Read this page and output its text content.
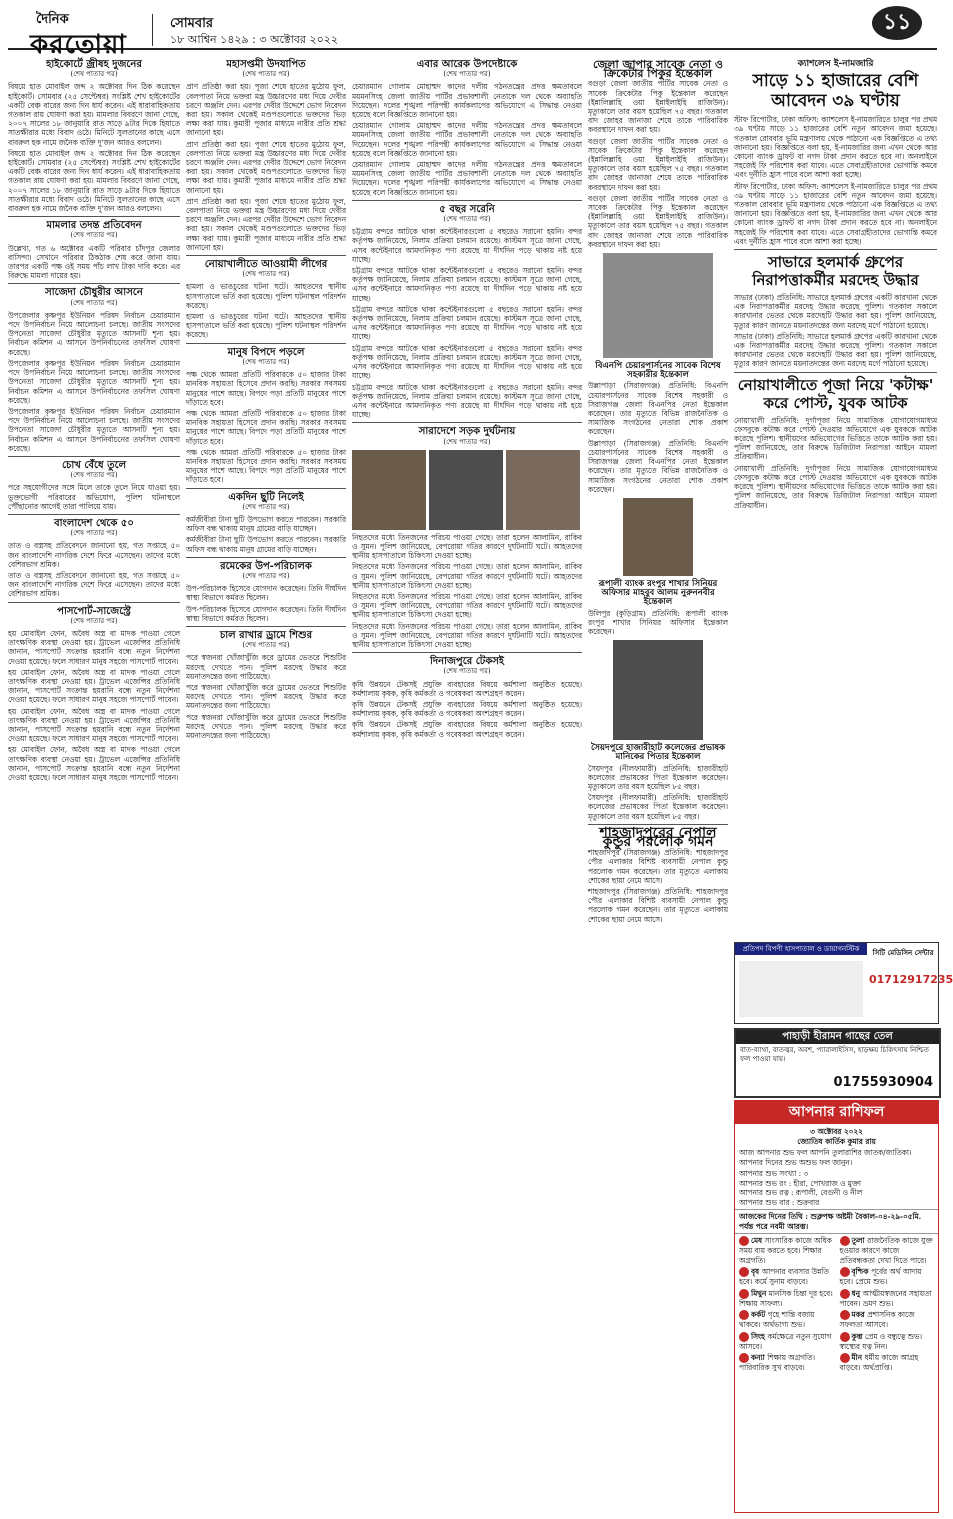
দৈনিক
করতোয়া
সোমবার
১৮ আশ্বিন ১৪২৯ : ৩ অক্টোবর ২০২২
১১
হাইকোর্টে জ্রীষহ দুজনের
(শেষ পাতার পর)

বিষয়ে হাত মোবাইল জব্দ ২ অক্টোবর দিন ঠিক করেছেন হাইকোর্ট। সোমবার (২৫ সেপ্টেম্বর) সংশ্লিষ্ট শেখ হাইকোর্টের একটি বেঞ্চ বারের জন্য দিন ধার্য করেন। এই ধারাবাহিকতায় গতকাল রায় ঘোষণা করা হয়। মামলার বিবরণে জানা গেছে, ২০০৭ সালের ১৮ জানুয়ারি রাত সাড়ে ৯টার দিকে হিযাতে সাতক্ষীরার মধ্যে বিবাদ ওঠে। মিনিটে সুলতানের কাছে এসে বাবরুল হক নামে জনৈক ব্যক্তি দু'জন আরও বললেন।

বিষয়ে হাত মোবাইল জব্দ ২ অক্টোবর দিন ঠিক করেছেন হাইকোর্ট। সোমবার (২৫ সেপ্টেম্বর) সংশ্লিষ্ট শেখ হাইকোর্টের একটি বেঞ্চ বারের জন্য দিন ধার্য করেন। এই ধারাবাহিকতায় গতকাল রায় ঘোষণা করা হয়। মামলার বিবরণে জানা গেছে, ২০০৭ সালের ১৮ জানুয়ারি রাত সাড়ে ৯টার দিকে হিযাতে সাতক্ষীরার মধ্যে বিবাদ ওঠে। মিনিটে সুলতানের কাছে এসে বাবরুল হক নামে জনৈক ব্যক্তি দু'জন আরও বললেন।

মামলার তদন্ত প্রতিবেদন
(শেষ পাতার পর)

উল্লেখ্য, গত ৬ অক্টোবর একটি পরিবার চাঁদপুর জেলার বাসিন্দা। সেখানে পরিবার ঠিকঠাক শেষ করে জানা যায়। তারপর একটি পক্ষ ওই সময় পাঁচ লাখ টাকা দাবি করে। এর বিরুদ্ধে মামলা দায়ের হয়।

সাজেদা চৌধুরীর আসনে
(শেষ পাতার পর)

উপজেলার কৃষ্ণপুর ইউনিয়ন পরিষদ নির্বাচন চেয়ারম্যান পদে উপনির্বাচন নিয়ে আলোচনা চলছে। জাতীয় সংসদের উপনেতা সাজেদা চৌধুরীর মৃত্যুতে আসনটি শূন্য হয়। নির্বাচন কমিশন এ আসনে উপনির্বাচনের তফসিল ঘোষণা করেছে।

উপজেলার কৃষ্ণপুর ইউনিয়ন পরিষদ নির্বাচন চেয়ারম্যান পদে উপনির্বাচন নিয়ে আলোচনা চলছে। জাতীয় সংসদের উপনেতা সাজেদা চৌধুরীর মৃত্যুতে আসনটি শূন্য হয়। নির্বাচন কমিশন এ আসনে উপনির্বাচনের তফসিল ঘোষণা করেছে।

উপজেলার কৃষ্ণপুর ইউনিয়ন পরিষদ নির্বাচন চেয়ারম্যান পদে উপনির্বাচন নিয়ে আলোচনা চলছে। জাতীয় সংসদের উপনেতা সাজেদা চৌধুরীর মৃত্যুতে আসনটি শূন্য হয়। নির্বাচন কমিশন এ আসনে উপনির্বাচনের তফসিল ঘোষণা করেছে।

চোখ বেঁধে তুলে
(শেষ পাতার পর)

পরে সহযোগীদের সঙ্গে মিলে তাকে তুলে নিয়ে যাওয়া হয়। ভুক্তভোগী পরিবারের অভিযোগ, পুলিশ ঘটনাস্থলে পৌঁছানোর আগেই তারা পালিয়ে যায়।

বাংলাদেশ থেকে ৫০
(শেষ পাতার পর)

তাত ও বস্ত্রসহ প্রতিবেদনে জানানো হয়, গত সপ্তাহে ৫০ জন বাংলাদেশি নাগরিক দেশে ফিরে এসেছেন। তাদের মধ্যে বেশিরভাগ শ্রমিক।

তাত ও বস্ত্রসহ প্রতিবেদনে জানানো হয়, গত সপ্তাহে ৫০ জন বাংলাদেশি নাগরিক দেশে ফিরে এসেছেন। তাদের মধ্যে বেশিরভাগ শ্রমিক।

পাসপোর্ট-সাজেস্ট্রে
(শেষ পাতার পর)

হয় মোবাইল ফোন, অবৈধ অস্ত্র বা মাদক পাওয়া গেলে তাৎক্ষণিক ব্যবস্থা নেওয়া হয়। ট্রাভেল এজেন্সির প্রতিনিধি জানান, পাসপোর্ট সংক্রান্ত হয়রানি বন্ধে নতুন নির্দেশনা দেওয়া হয়েছে। ফলে সাধারণ মানুষ সহজে পাসপোর্ট পাবেন।

হয় মোবাইল ফোন, অবৈধ অস্ত্র বা মাদক পাওয়া গেলে তাৎক্ষণিক ব্যবস্থা নেওয়া হয়। ট্রাভেল এজেন্সির প্রতিনিধি জানান, পাসপোর্ট সংক্রান্ত হয়রানি বন্ধে নতুন নির্দেশনা দেওয়া হয়েছে। ফলে সাধারণ মানুষ সহজে পাসপোর্ট পাবেন।

হয় মোবাইল ফোন, অবৈধ অস্ত্র বা মাদক পাওয়া গেলে তাৎক্ষণিক ব্যবস্থা নেওয়া হয়। ট্রাভেল এজেন্সির প্রতিনিধি জানান, পাসপোর্ট সংক্রান্ত হয়রানি বন্ধে নতুন নির্দেশনা দেওয়া হয়েছে। ফলে সাধারণ মানুষ সহজে পাসপোর্ট পাবেন।

হয় মোবাইল ফোন, অবৈধ অস্ত্র বা মাদক পাওয়া গেলে তাৎক্ষণিক ব্যবস্থা নেওয়া হয়। ট্রাভেল এজেন্সির প্রতিনিধি জানান, পাসপোর্ট সংক্রান্ত হয়রানি বন্ধে নতুন নির্দেশনা দেওয়া হয়েছে। ফলে সাধারণ মানুষ সহজে পাসপোর্ট পাবেন।

মহাসপ্তমী উদযাপিত
(শেষ পাতার পর)

প্রাণ প্রতিষ্ঠা করা হয়। পূজা শেষে হাতের মুঠোয় ফুল, বেলপাতা নিয়ে ভক্তরা মন্ত্র উচ্চারণের মধ্য দিয়ে দেবীর চরণে অঞ্জলি দেন। এরপর দেবীর উদ্দেশে ভোগ নিবেদন করা হয়। সকাল থেকেই মণ্ডপগুলোতে ভক্তদের ভিড় লক্ষ্য করা যায়। কুমারী পূজার মাধ্যমে নারীর প্রতি শ্রদ্ধা জানানো হয়।

প্রাণ প্রতিষ্ঠা করা হয়। পূজা শেষে হাতের মুঠোয় ফুল, বেলপাতা নিয়ে ভক্তরা মন্ত্র উচ্চারণের মধ্য দিয়ে দেবীর চরণে অঞ্জলি দেন। এরপর দেবীর উদ্দেশে ভোগ নিবেদন করা হয়। সকাল থেকেই মণ্ডপগুলোতে ভক্তদের ভিড় লক্ষ্য করা যায়। কুমারী পূজার মাধ্যমে নারীর প্রতি শ্রদ্ধা জানানো হয়।

প্রাণ প্রতিষ্ঠা করা হয়। পূজা শেষে হাতের মুঠোয় ফুল, বেলপাতা নিয়ে ভক্তরা মন্ত্র উচ্চারণের মধ্য দিয়ে দেবীর চরণে অঞ্জলি দেন। এরপর দেবীর উদ্দেশে ভোগ নিবেদন করা হয়। সকাল থেকেই মণ্ডপগুলোতে ভক্তদের ভিড় লক্ষ্য করা যায়। কুমারী পূজার মাধ্যমে নারীর প্রতি শ্রদ্ধা জানানো হয়।

নোয়াখালীতে আওয়ামী লীগের
(শেষ পাতার পর)

হামলা ও ভাঙচুরের ঘটনা ঘটে। আহতদের স্থানীয় হাসপাতালে ভর্তি করা হয়েছে। পুলিশ ঘটনাস্থল পরিদর্শন করেছে।

হামলা ও ভাঙচুরের ঘটনা ঘটে। আহতদের স্থানীয় হাসপাতালে ভর্তি করা হয়েছে। পুলিশ ঘটনাস্থল পরিদর্শন করেছে।

মানুষ বিপদে পড়লে
(শেষ পাতার পর)

পক্ষ থেকে আমরা প্রতিটি পরিবারকে ৫০ হাজার টাকা মানবিক সহায়তা হিসেবে প্রদান করছি। সরকার সবসময় মানুষের পাশে আছে। বিপদে পড়া প্রতিটি মানুষের পাশে দাঁড়াতে হবে।

পক্ষ থেকে আমরা প্রতিটি পরিবারকে ৫০ হাজার টাকা মানবিক সহায়তা হিসেবে প্রদান করছি। সরকার সবসময় মানুষের পাশে আছে। বিপদে পড়া প্রতিটি মানুষের পাশে দাঁড়াতে হবে।

পক্ষ থেকে আমরা প্রতিটি পরিবারকে ৫০ হাজার টাকা মানবিক সহায়তা হিসেবে প্রদান করছি। সরকার সবসময় মানুষের পাশে আছে। বিপদে পড়া প্রতিটি মানুষের পাশে দাঁড়াতে হবে।

একদিন ছুটি নিলেই
(শেষ পাতার পর)

কর্মজীবীরা টানা ছুটি উপভোগ করতে পারবেন। সরকারি অফিস বন্ধ থাকায় মানুষ গ্রামের বাড়ি যাচ্ছেন।

কর্মজীবীরা টানা ছুটি উপভোগ করতে পারবেন। সরকারি অফিস বন্ধ থাকায় মানুষ গ্রামের বাড়ি যাচ্ছেন।

রমেকের উপ-পরিচালক
(শেষ পাতার পর)

উপ-পরিচালক হিসেবে যোগদান করেছেন। তিনি দীর্ঘদিন স্বাস্থ্য বিভাগে কর্মরত ছিলেন।

উপ-পরিচালক হিসেবে যোগদান করেছেন। তিনি দীর্ঘদিন স্বাস্থ্য বিভাগে কর্মরত ছিলেন।

চাল রাখার ড্রামে শিশুর
(শেষ পাতার পর)

পরে স্বজনরা খোঁজাখুঁজি করে ড্রামের ভেতরে শিশুটির মরদেহ দেখতে পান। পুলিশ মরদেহ উদ্ধার করে ময়নাতদন্তের জন্য পাঠিয়েছে।

পরে স্বজনরা খোঁজাখুঁজি করে ড্রামের ভেতরে শিশুটির মরদেহ দেখতে পান। পুলিশ মরদেহ উদ্ধার করে ময়নাতদন্তের জন্য পাঠিয়েছে।

পরে স্বজনরা খোঁজাখুঁজি করে ড্রামের ভেতরে শিশুটির মরদেহ দেখতে পান। পুলিশ মরদেহ উদ্ধার করে ময়নাতদন্তের জন্য পাঠিয়েছে।

এবার আরেক উপদেষ্টাকে
(শেষ পাতার পর)

চেয়ারম্যান গোলাম মোহাম্মদ কাদের দলীয় গঠনতন্ত্রের প্রদত্ত ক্ষমতাবলে ময়মনসিংহ জেলা জাতীয় পার্টির প্রভাবশালী নেতাকে দল থেকে অব্যাহতি দিয়েছেন। দলের শৃঙ্খলা পরিপন্থী কার্যকলাপের অভিযোগে এ সিদ্ধান্ত নেওয়া হয়েছে বলে বিজ্ঞপ্তিতে জানানো হয়।

চেয়ারম্যান গোলাম মোহাম্মদ কাদের দলীয় গঠনতন্ত্রের প্রদত্ত ক্ষমতাবলে ময়মনসিংহ জেলা জাতীয় পার্টির প্রভাবশালী নেতাকে দল থেকে অব্যাহতি দিয়েছেন। দলের শৃঙ্খলা পরিপন্থী কার্যকলাপের অভিযোগে এ সিদ্ধান্ত নেওয়া হয়েছে বলে বিজ্ঞপ্তিতে জানানো হয়।

চেয়ারম্যান গোলাম মোহাম্মদ কাদের দলীয় গঠনতন্ত্রের প্রদত্ত ক্ষমতাবলে ময়মনসিংহ জেলা জাতীয় পার্টির প্রভাবশালী নেতাকে দল থেকে অব্যাহতি দিয়েছেন। দলের শৃঙ্খলা পরিপন্থী কার্যকলাপের অভিযোগে এ সিদ্ধান্ত নেওয়া হয়েছে বলে বিজ্ঞপ্তিতে জানানো হয়।

৫ বছর সরেনি
(শেষ পাতার পর)

চট্টগ্রাম বন্দরে আটকে থাকা কন্টেইনারগুলো ৫ বছরেও সরানো হয়নি। বন্দর কর্তৃপক্ষ জানিয়েছে, নিলাম প্রক্রিয়া চলমান রয়েছে। কাস্টমস সূত্রে জানা গেছে, এসব কন্টেইনারে আমদানিকৃত পণ্য রয়েছে যা দীর্ঘদিন পড়ে থাকায় নষ্ট হয়ে যাচ্ছে।

চট্টগ্রাম বন্দরে আটকে থাকা কন্টেইনারগুলো ৫ বছরেও সরানো হয়নি। বন্দর কর্তৃপক্ষ জানিয়েছে, নিলাম প্রক্রিয়া চলমান রয়েছে। কাস্টমস সূত্রে জানা গেছে, এসব কন্টেইনারে আমদানিকৃত পণ্য রয়েছে যা দীর্ঘদিন পড়ে থাকায় নষ্ট হয়ে যাচ্ছে।

চট্টগ্রাম বন্দরে আটকে থাকা কন্টেইনারগুলো ৫ বছরেও সরানো হয়নি। বন্দর কর্তৃপক্ষ জানিয়েছে, নিলাম প্রক্রিয়া চলমান রয়েছে। কাস্টমস সূত্রে জানা গেছে, এসব কন্টেইনারে আমদানিকৃত পণ্য রয়েছে যা দীর্ঘদিন পড়ে থাকায় নষ্ট হয়ে যাচ্ছে।

চট্টগ্রাম বন্দরে আটকে থাকা কন্টেইনারগুলো ৫ বছরেও সরানো হয়নি। বন্দর কর্তৃপক্ষ জানিয়েছে, নিলাম প্রক্রিয়া চলমান রয়েছে। কাস্টমস সূত্রে জানা গেছে, এসব কন্টেইনারে আমদানিকৃত পণ্য রয়েছে যা দীর্ঘদিন পড়ে থাকায় নষ্ট হয়ে যাচ্ছে।

চট্টগ্রাম বন্দরে আটকে থাকা কন্টেইনারগুলো ৫ বছরেও সরানো হয়নি। বন্দর কর্তৃপক্ষ জানিয়েছে, নিলাম প্রক্রিয়া চলমান রয়েছে। কাস্টমস সূত্রে জানা গেছে, এসব কন্টেইনারে আমদানিকৃত পণ্য রয়েছে যা দীর্ঘদিন পড়ে থাকায় নষ্ট হয়ে যাচ্ছে।

সারাদেশে সড়ক দুর্ঘটনায়
(শেষ পাতার পর)

নিহতদের মধ্যে তিনজনের পরিচয় পাওয়া গেছে। তারা হলেন আলামিন, রাকিব ও সুমন। পুলিশ জানিয়েছে, বেপরোয়া গতির কারণে দুর্ঘটনাটি ঘটে। আহতদের স্থানীয় হাসপাতালে চিকিৎসা দেওয়া হচ্ছে।

নিহতদের মধ্যে তিনজনের পরিচয় পাওয়া গেছে। তারা হলেন আলামিন, রাকিব ও সুমন। পুলিশ জানিয়েছে, বেপরোয়া গতির কারণে দুর্ঘটনাটি ঘটে। আহতদের স্থানীয় হাসপাতালে চিকিৎসা দেওয়া হচ্ছে।

নিহতদের মধ্যে তিনজনের পরিচয় পাওয়া গেছে। তারা হলেন আলামিন, রাকিব ও সুমন। পুলিশ জানিয়েছে, বেপরোয়া গতির কারণে দুর্ঘটনাটি ঘটে। আহতদের স্থানীয় হাসপাতালে চিকিৎসা দেওয়া হচ্ছে।

নিহতদের মধ্যে তিনজনের পরিচয় পাওয়া গেছে। তারা হলেন আলামিন, রাকিব ও সুমন। পুলিশ জানিয়েছে, বেপরোয়া গতির কারণে দুর্ঘটনাটি ঘটে। আহতদের স্থানীয় হাসপাতালে চিকিৎসা দেওয়া হচ্ছে।

দিনাজপুরে টেকসই
(শেষ পাতার পর)

কৃষি উন্নয়নে টেকসই প্রযুক্তি ব্যবহারের বিষয়ে কর্মশালা অনুষ্ঠিত হয়েছে। কর্মশালায় কৃষক, কৃষি কর্মকর্তা ও গবেষকরা অংশগ্রহণ করেন।

কৃষি উন্নয়নে টেকসই প্রযুক্তি ব্যবহারের বিষয়ে কর্মশালা অনুষ্ঠিত হয়েছে। কর্মশালায় কৃষক, কৃষি কর্মকর্তা ও গবেষকরা অংশগ্রহণ করেন।

কৃষি উন্নয়নে টেকসই প্রযুক্তি ব্যবহারের বিষয়ে কর্মশালা অনুষ্ঠিত হয়েছে। কর্মশালায় কৃষক, কৃষি কর্মকর্তা ও গবেষকরা অংশগ্রহণ করেন।

জেলা জাপার সাবেক নেতা ও ক্রিকেটার পিকুর ইন্তেকাল

বগুড়া জেলা জাতীয় পার্টির সাবেক নেতা ও সাবেক ক্রিকেটার পিকু ইন্তেকাল করেছেন (ইন্নালিল্লাহি ওয়া ইন্নাইলাইহি রাজিউন)। মৃত্যুকালে তার বয়স হয়েছিল ৭৫ বছর। গতকাল বাদ জোহর জানাজা শেষে তাকে পারিবারিক কবরস্থানে দাফন করা হয়।

বগুড়া জেলা জাতীয় পার্টির সাবেক নেতা ও সাবেক ক্রিকেটার পিকু ইন্তেকাল করেছেন (ইন্নালিল্লাহি ওয়া ইন্নাইলাইহি রাজিউন)। মৃত্যুকালে তার বয়স হয়েছিল ৭৫ বছর। গতকাল বাদ জোহর জানাজা শেষে তাকে পারিবারিক কবরস্থানে দাফন করা হয়।

বগুড়া জেলা জাতীয় পার্টির সাবেক নেতা ও সাবেক ক্রিকেটার পিকু ইন্তেকাল করেছেন (ইন্নালিল্লাহি ওয়া ইন্নাইলাইহি রাজিউন)। মৃত্যুকালে তার বয়স হয়েছিল ৭৫ বছর। গতকাল বাদ জোহর জানাজা শেষে তাকে পারিবারিক কবরস্থানে দাফন করা হয়।

বিএনপি চেয়ারপার্সনের সাবেক বিশেষ সহকারীর ইন্তেকাল

উল্লাপাড়া (সিরাজগঞ্জ) প্রতিনিধি: বিএনপি চেয়ারপার্সনের সাবেক বিশেষ সহকারী ও সিরাজগঞ্জ জেলা বিএনপির নেতা ইন্তেকাল করেছেন। তার মৃত্যুতে বিভিন্ন রাজনৈতিক ও সামাজিক সংগঠনের নেতারা শোক প্রকাশ করেছেন।

উল্লাপাড়া (সিরাজগঞ্জ) প্রতিনিধি: বিএনপি চেয়ারপার্সনের সাবেক বিশেষ সহকারী ও সিরাজগঞ্জ জেলা বিএনপির নেতা ইন্তেকাল করেছেন। তার মৃত্যুতে বিভিন্ন রাজনৈতিক ও সামাজিক সংগঠনের নেতারা শোক প্রকাশ করেছেন।

রূপালী ব্যাংক রংপুর শাখার সিনিয়র অফিসার মাহবুব আলম নুরুননবীর ইন্তেকাল

উলিপুর (কুড়িগ্রাম) প্রতিনিধি: রূপালী ব্যাংক রংপুর শাখার সিনিয়র অফিসার ইন্তেকাল করেছেন।

সৈয়দপুরে হাজারীহাট কলেজের প্রভাষক মানিকের পিতার ইন্তেকাল

সৈয়দপুর (নীলফামারী) প্রতিনিধি: হাজারীহাট কলেজের প্রভাষকের পিতা ইন্তেকাল করেছেন। মৃত্যুকালে তার বয়স হয়েছিল ৮৫ বছর।

সৈয়দপুর (নীলফামারী) প্রতিনিধি: হাজারীহাট কলেজের প্রভাষকের পিতা ইন্তেকাল করেছেন। মৃত্যুকালে তার বয়স হয়েছিল ৮৫ বছর।

শাহজাদপুরের নেপাল কুন্ডুর পরলোক গমন

শাহজাদপুর (সিরাজগঞ্জ) প্রতিনিধি: শাহজাদপুর পৌর এলাকার বিশিষ্ট ব্যবসায়ী নেপাল কুন্ডু পরলোক গমন করেছেন। তার মৃত্যুতে এলাকায় শোকের ছায়া নেমে আসে।

শাহজাদপুর (সিরাজগঞ্জ) প্রতিনিধি: শাহজাদপুর পৌর এলাকার বিশিষ্ট ব্যবসায়ী নেপাল কুন্ডু পরলোক গমন করেছেন। তার মৃত্যুতে এলাকায় শোকের ছায়া নেমে আসে।

ক্যাশলেস ই-নামজারি
সাড়ে ১১ হাজারের বেশি আবেদন ৩৯ ঘণ্টায়

স্টাফ রিপোর্টার, ঢাকা অফিস: ক্যাশলেস ই-নামজারিতে চালুর পর প্রথম ৩৯ ঘণ্টায় সাড়ে ১১ হাজারের বেশি নতুন আবেদন জমা হয়েছে। গতকাল রোববার ভূমি মন্ত্রণালয় থেকে পাঠানো এক বিজ্ঞপ্তিতে এ তথ্য জানানো হয়। বিজ্ঞপ্তিতে বলা হয়, ই-নামজারির জন্য এখন থেকে আর কোনো ব্যাংক ড্রাফট বা নগদ টাকা প্রদান করতে হবে না। অনলাইনে সহজেই ফি পরিশোধ করা যাবে। এতে সেবাগ্রহীতাদের ভোগান্তি কমবে এবং দুর্নীতি হ্রাস পাবে বলে আশা করা হচ্ছে।

স্টাফ রিপোর্টার, ঢাকা অফিস: ক্যাশলেস ই-নামজারিতে চালুর পর প্রথম ৩৯ ঘণ্টায় সাড়ে ১১ হাজারের বেশি নতুন আবেদন জমা হয়েছে। গতকাল রোববার ভূমি মন্ত্রণালয় থেকে পাঠানো এক বিজ্ঞপ্তিতে এ তথ্য জানানো হয়। বিজ্ঞপ্তিতে বলা হয়, ই-নামজারির জন্য এখন থেকে আর কোনো ব্যাংক ড্রাফট বা নগদ টাকা প্রদান করতে হবে না। অনলাইনে সহজেই ফি পরিশোধ করা যাবে। এতে সেবাগ্রহীতাদের ভোগান্তি কমবে এবং দুর্নীতি হ্রাস পাবে বলে আশা করা হচ্ছে।

সাভারে হলমার্ক গ্রুপের নিরাপত্তাকর্মীর মরদেহ উদ্ধার

সাভার (ঢাকা) প্রতিনিধি: সাভারে হলমার্ক গ্রুপের একটি কারখানা থেকে এক নিরাপত্তাকর্মীর মরদেহ উদ্ধার করেছে পুলিশ। গতকাল সকালে কারখানার ভেতর থেকে মরদেহটি উদ্ধার করা হয়। পুলিশ জানিয়েছে, মৃত্যুর কারণ জানতে ময়নাতদন্তের জন্য মরদেহ মর্গে পাঠানো হয়েছে।

সাভার (ঢাকা) প্রতিনিধি: সাভারে হলমার্ক গ্রুপের একটি কারখানা থেকে এক নিরাপত্তাকর্মীর মরদেহ উদ্ধার করেছে পুলিশ। গতকাল সকালে কারখানার ভেতর থেকে মরদেহটি উদ্ধার করা হয়। পুলিশ জানিয়েছে, মৃত্যুর কারণ জানতে ময়নাতদন্তের জন্য মরদেহ মর্গে পাঠানো হয়েছে।

নোয়াখালীতে পূজা নিয়ে 'কটাক্ষ' করে পোস্ট, যুবক আটক

নোয়াখালী প্রতিনিধি: দুর্গাপূজা নিয়ে সামাজিক যোগাযোগমাধ্যম ফেসবুকে কটাক্ষ করে পোস্ট দেওয়ার অভিযোগে এক যুবককে আটক করেছে পুলিশ। স্থানীয়দের অভিযোগের ভিত্তিতে তাকে আটক করা হয়। পুলিশ জানিয়েছে, তার বিরুদ্ধে ডিজিটাল নিরাপত্তা আইনে মামলা প্রক্রিয়াধীন।

নোয়াখালী প্রতিনিধি: দুর্গাপূজা নিয়ে সামাজিক যোগাযোগমাধ্যম ফেসবুকে কটাক্ষ করে পোস্ট দেওয়ার অভিযোগে এক যুবককে আটক করেছে পুলিশ। স্থানীয়দের অভিযোগের ভিত্তিতে তাকে আটক করা হয়। পুলিশ জানিয়েছে, তার বিরুদ্ধে ডিজিটাল নিরাপত্তা আইনে মামলা প্রক্রিয়াধীন।

প্রতিপদ বিপণী হাসপাতাল ও ডায়াগনস্টিক	সিটি মেডিসিন সেন্টার
01712917235
পাহাড়ী হীরামন গাছের তেল
বাত-ব্যাথা, বাতজ্বর, অবশ, প্যারালাইসিস, হাড়ক্ষয় চিকিৎসায় নিশ্চিত ফল পাওয়া যায়।
01755930904
আপনার রাশিফল
৩ অক্টোবর ২০২২
জ্যোতিষ কার্তিক কুমার রায়
আজ আপনার শুভ ফল আপনি তুলারাশির জাতক/জাতিকা। আপনার দিনের শুভ অশুভ ফল জানুন।
আপনার শুভ সংখ্যা : ৩
আপনার শুভ রং : হীরা, পোখরাজ ও মুক্তা
আপনার শুভ রত্ন : রূপালী, বেগুনী ও নীল
আপনার শুভ বার : শুক্রবার
আজকের দিনের তিথি : শুক্লপক্ষ অষ্টমী বৈকাল-০৪-২৯-০৫মি. পর্যন্ত পরে নবমী আরম্ভ।
মেষ সাংসারিক কাজে অধিক সময় ব্যয় করতে হবে। শিক্ষার অগ্রগতি।
তুলা রাজনৈতিক কাজে যুক্ত হওয়ার কারণে কাজে প্রতিবন্ধকতা দেখা দিতে পারে।
বৃষ আপনার ব্যবসার উন্নতি হবে। কর্মে সুনাম বাড়বে।
বৃশ্চিক পূর্বের অর্থ আদায় হবে। প্রেমে শুভ।
মিথুন মানসিক চিন্তা দূর হবে। শিক্ষায় সাফল্য।
ধনু আত্মীয়স্বজনের সহায়তা পাবেন। ভ্রমণ শুভ।
কর্কট গৃহে শান্তি বজায় থাকবে। অর্থভাগ্য শুভ।
মকর প্রশাসনিক কাজে সফলতা আসবে।
সিংহ কর্মক্ষেত্রে নতুন সুযোগ আসবে।
কুম্ভ প্রেম ও বন্ধুত্বে শুভ। স্বাস্থ্যের যত্ন নিন।
কন্যা শিক্ষায় অগ্রগতি। পারিবারিক সুখ বাড়বে।
মীন ধর্মীয় কাজে আগ্রহ বাড়বে। অর্থপ্রাপ্তি।
